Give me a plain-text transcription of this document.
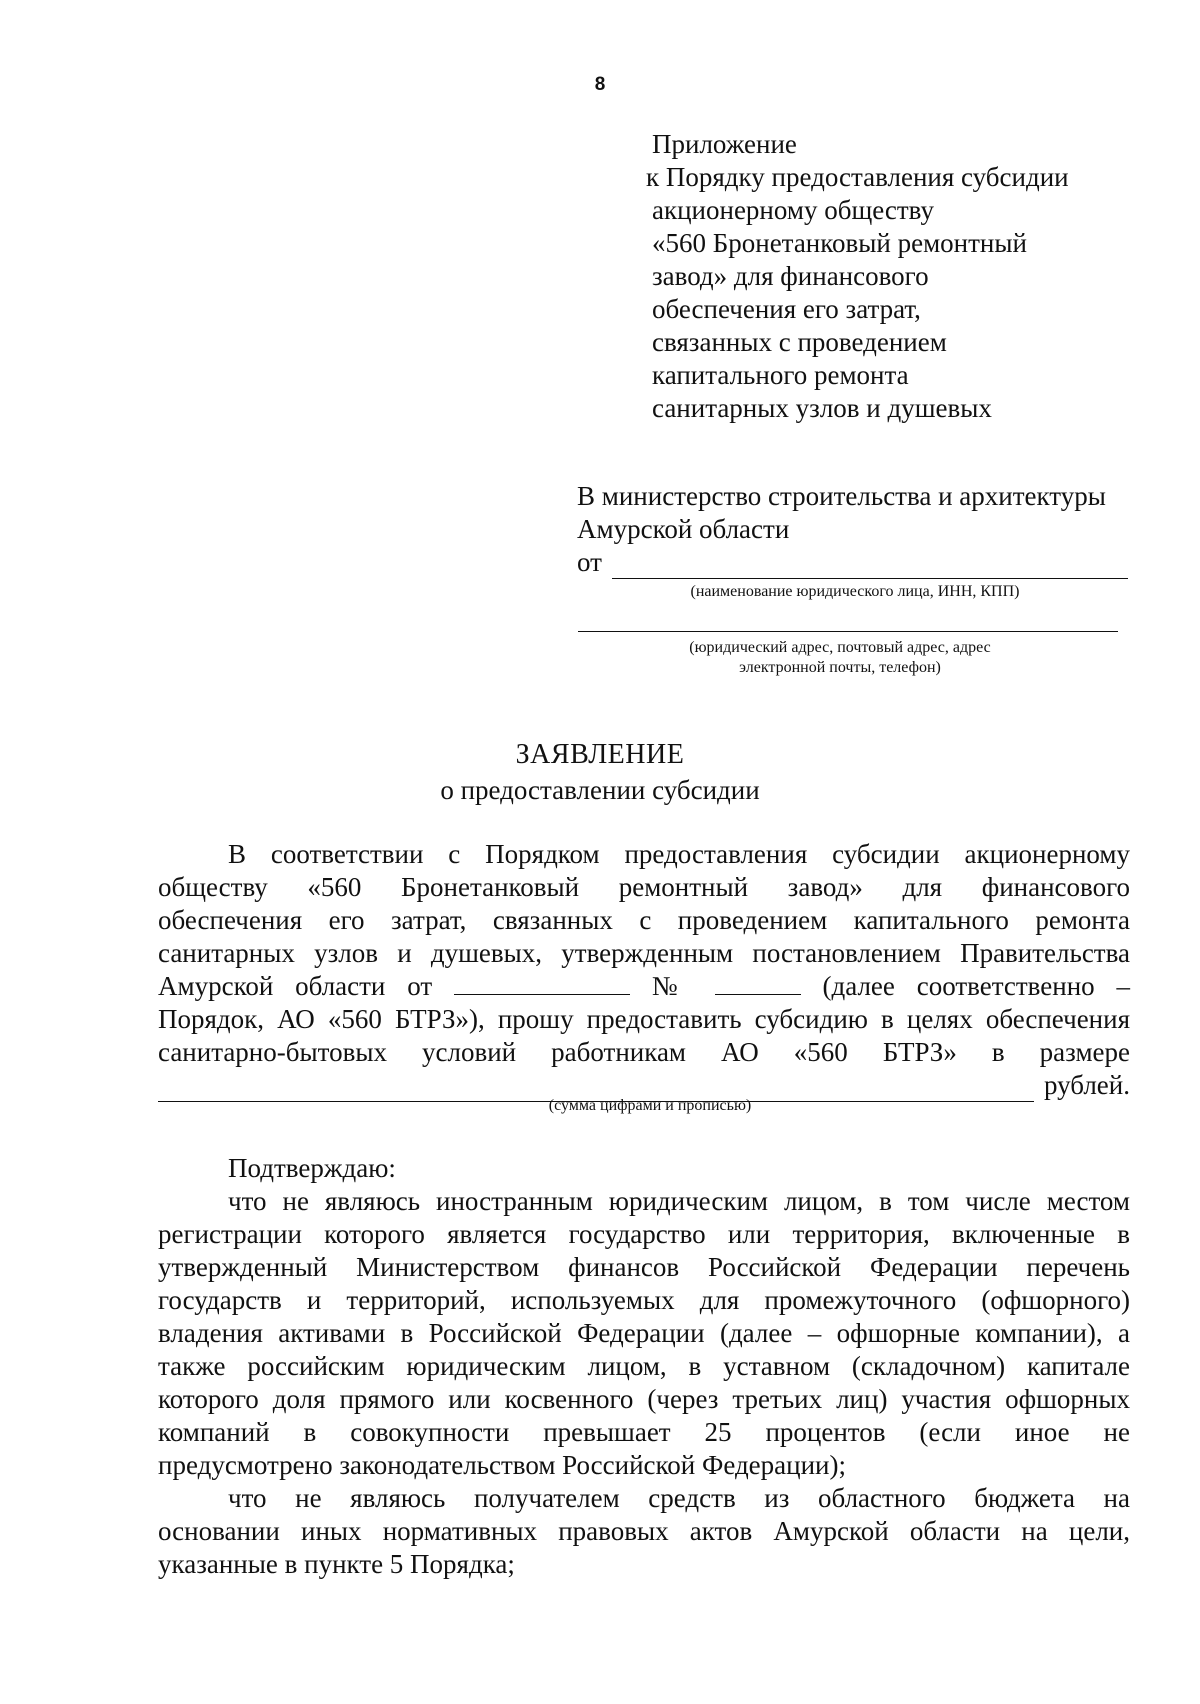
8
Приложение
к Порядку предоставления субсидии
акционерному обществу
«560 Бронетанковый ремонтный
завод» для финансового
обеспечения его затрат,
связанных с проведением
капитального ремонта
санитарных узлов и душевых
В министерство строительства и архитектуры
Амурской области
от
(наименование юридического лица, ИНН, КПП)
(юридический адрес, почтовый адрес, адрес
электронной почты, телефон)
ЗАЯВЛЕНИЕ
о предоставлении субсидии
В соответствии с Порядком предоставления субсидии акционерному
обществу «560 Бронетанковый ремонтный завод» для финансового
обеспечения его затрат, связанных с проведением капитального ремонта
санитарных узлов и душевых, утвержденным постановлением Правительства
Амурской области от	№	(далее соответственно –
Порядок, АО «560 БТРЗ»), прошу предоставить субсидию в целях обеспечения
санитарно-бытовых условий работникам АО «560 БТРЗ» в размере
рублей.
(сумма цифрами и прописью)
Подтверждаю:
что не являюсь иностранным юридическим лицом, в том числе местом
регистрации которого является государство или территория, включенные в
утвержденный Министерством финансов Российской Федерации перечень
государств и территорий, используемых для промежуточного (офшорного)
владения активами в Российской Федерации (далее – офшорные компании), а
также российским юридическим лицом, в уставном (складочном) капитале
которого доля прямого или косвенного (через третьих лиц) участия офшорных
компаний в совокупности превышает 25 процентов (если иное не
предусмотрено законодательством Российской Федерации);
что не являюсь получателем средств из областного бюджета на
основании иных нормативных правовых актов Амурской области на цели,
указанные в пункте 5 Порядка;
